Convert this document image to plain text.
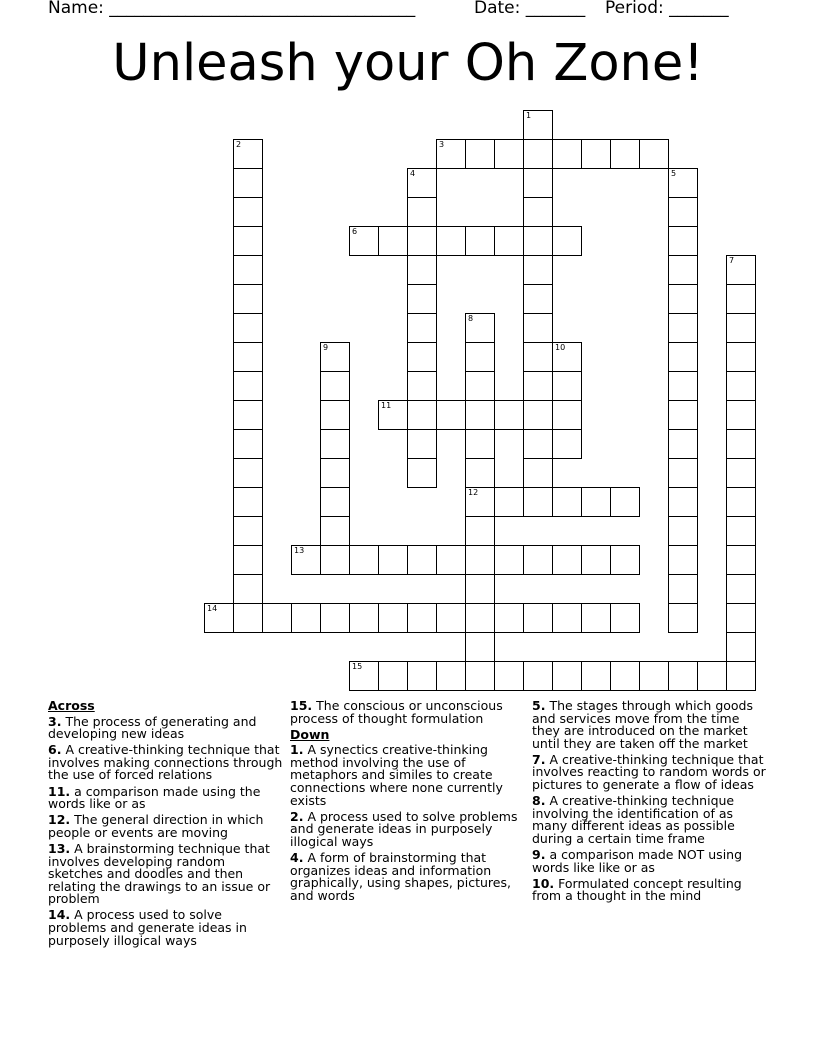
Name: ____________________________________	Date: _______ Period: _______
Unleash your Oh Zone!
1
2	3
4	5
6
7
8
12
9	10
11
13
14
15
Across
3. The process of generating and developing new ideas
6. A creative-thinking technique that involves making connections through the use of forced relations
11. a comparison made using the words like or as
12. The general direction in which people or events are moving
13. A brainstorming technique that involves developing random sketches and doodles and then relating the drawings to an issue or problem
14. A process used to solve problems and generate ideas in purposely illogical ways
15. The conscious or unconscious process of thought formulation
Down
1. A synectics creative-thinking method involving the use of metaphors and similes to create connections where none currently exists
2. A process used to solve problems and generate ideas in purposely illogical ways
4. A form of brainstorming that organizes ideas and information graphically, using shapes, pictures, and words
5. The stages through which goods and services move from the time they are introduced on the market until they are taken off the market
7. A creative-thinking technique that involves reacting to random words or pictures to generate a flow of ideas
8. A creative-thinking technique involving the identification of as many different ideas as possible during a certain time frame
9. a comparison made NOT using words like like or as
10. Formulated concept resulting from a thought in the mind
